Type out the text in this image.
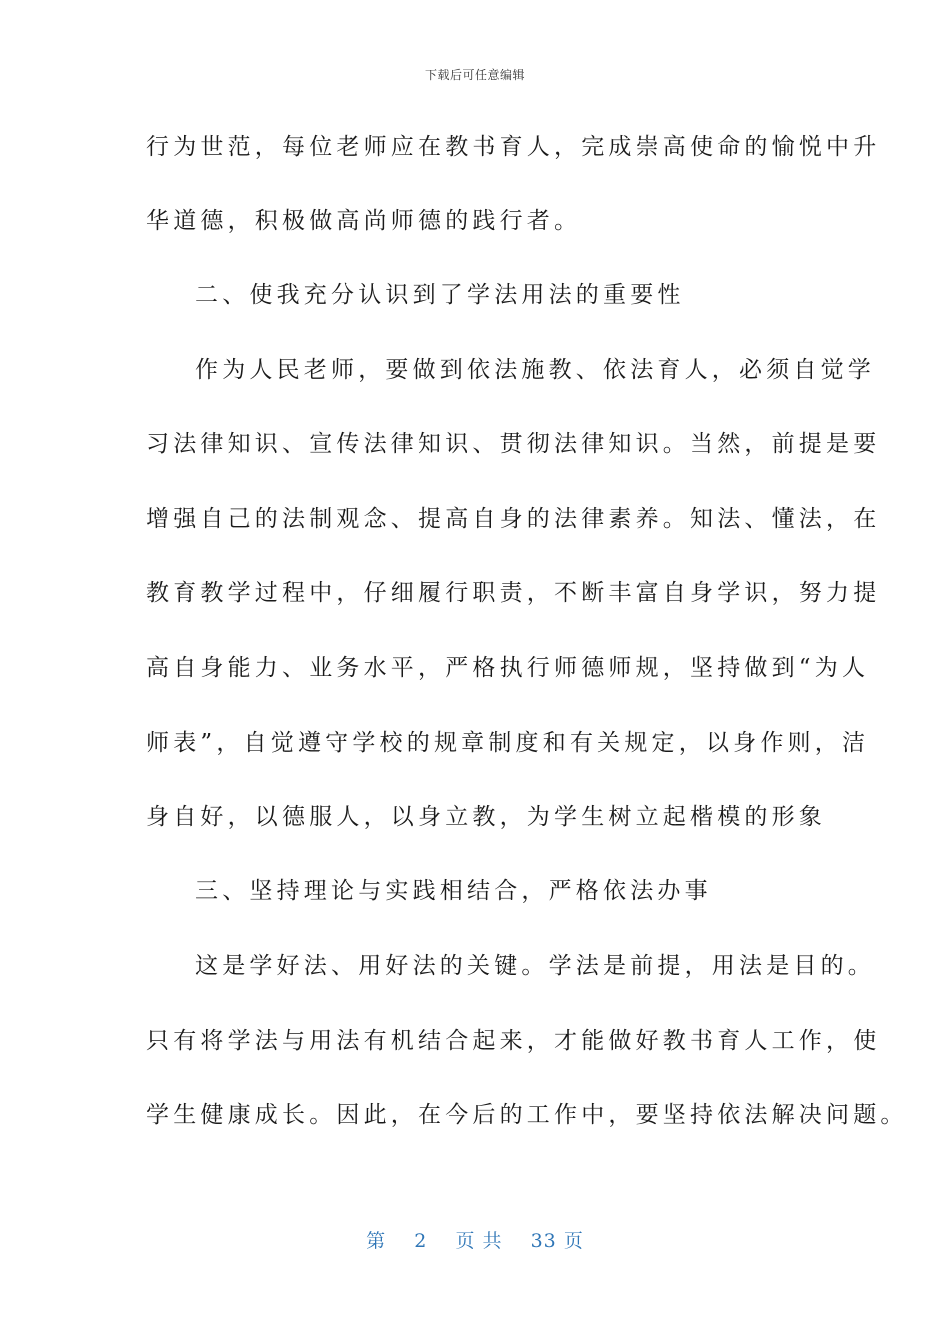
下载后可任意编辑
行为世范，每位老师应在教书育人，完成崇高使命的愉悦中升
华道德，积极做高尚师德的践行者。
二、使我充分认识到了学法用法的重要性
作为人民老师，要做到依法施教、依法育人，必须自觉学
习法律知识、宣传法律知识、贯彻法律知识。当然，前提是要
增强自己的法制观念、提高自身的法律素养。知法、懂法，在
教育教学过程中，仔细履行职责，不断丰富自身学识，努力提
高自身能力、业务水平，严格执行师德师规，坚持做到“为人
师表”，自觉遵守学校的规章制度和有关规定，以身作则，洁
身自好，以德服人，以身立教，为学生树立起楷模的形象
三、坚持理论与实践相结合，严格依法办事
这是学好法、用好法的关键。学法是前提，用法是目的。
只有将学法与用法有机结合起来，才能做好教书育人工作，使
学生健康成长。因此，在今后的工作中，要坚持依法解决问题。
第 2 页 共 33 页
